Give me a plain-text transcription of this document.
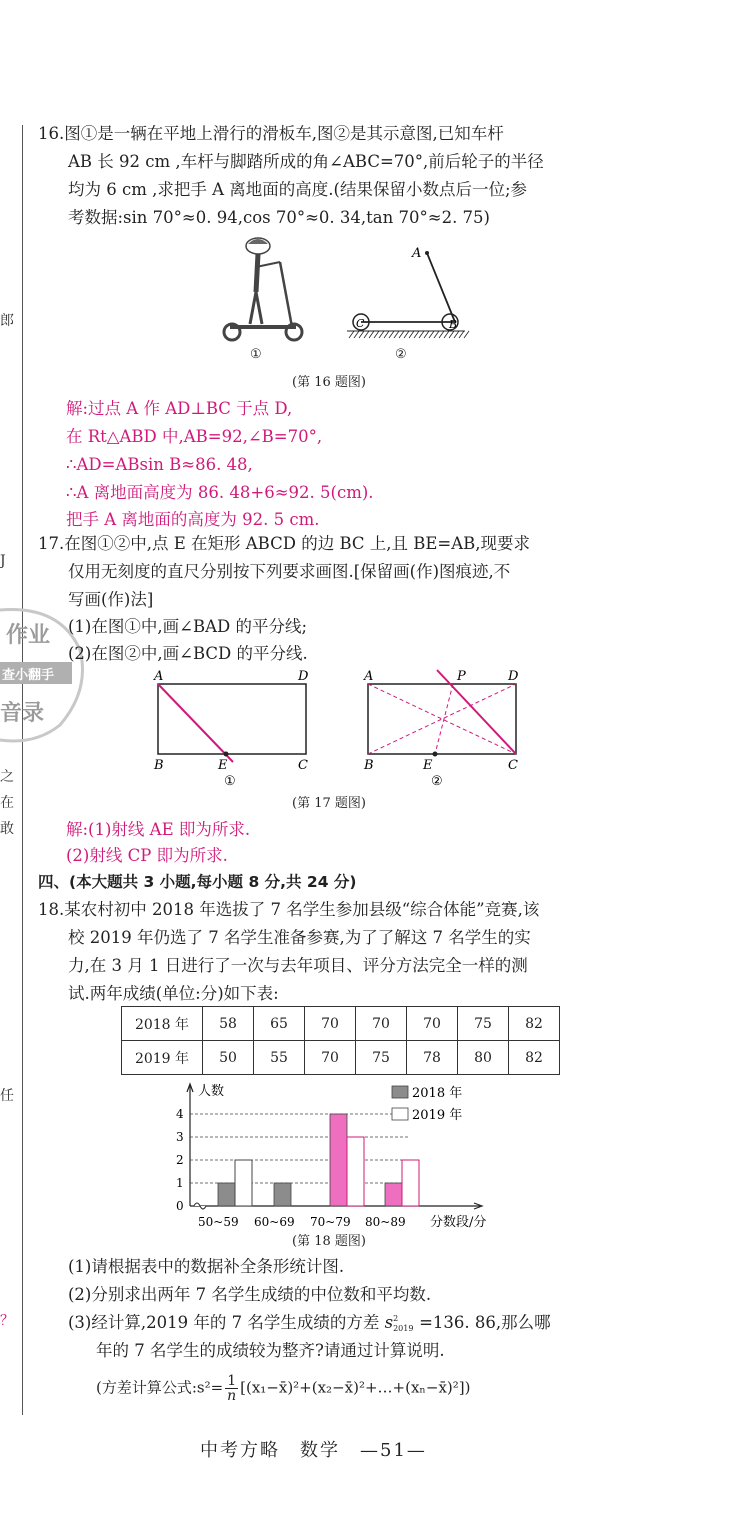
郎
J
之
在
敢
任
？
作业
查小翻手
音录
16.图①是一辆在平地上滑行的滑板车,图②是其示意图,已知车杆
AB 长 92 cm ,车杆与脚踏所成的角∠ABC=70°,前后轮子的半径
均为 6 cm ,求把手 A 离地面的高度.(结果保留小数点后一位;参
考数据:sin 70°≈0. 94,cos 70°≈0. 34,tan 70°≈2. 75)
①
A
C	B
②
(第 16 题图)
解:过点 A 作 AD⊥BC 于点 D,
在 Rt△ABD 中,AB=92,∠B=70°,
∴AD=ABsin B≈86. 48,
∴A 离地面高度为 86. 48+6≈92. 5(cm).
把手 A 离地面的高度为 92. 5 cm.
17.在图①②中,点 E 在矩形 ABCD 的边 BC 上,且 BE=AB,现要求
仅用无刻度的直尺分别按下列要求画图.[保留画(作)图痕迹,不
写画(作)法]
(1)在图①中,画∠BAD 的平分线;
(2)在图②中,画∠BCD 的平分线.
A	D
B	E	C
①
A	P	D
B	E	C
②
(第 17 题图)
解:(1)射线 AE 即为所求.
(2)射线 CP 即为所求.
四、(本大题共 3 小题,每小题 8 分,共 24 分)
18.某农村初中 2018 年选拔了 7 名学生参加县级“综合体能”竞赛,该
校 2019 年仍选了 7 名学生准备参赛,为了了解这 7 名学生的实
力,在 3 月 1 日进行了一次与去年项目、评分方法完全一样的测
试.两年成绩(单位:分)如下表:
2018 年	58	65	70	70	70	75	82
2019 年	50	55	70	75	78	80	82
0
1
2
3
4
人数
分数段/分
50~59 60~69 70~79 80~89
2018 年
2019 年
(第 18 题图)
(1)请根据表中的数据补全条形统计图.
(2)分别求出两年 7 名学生成绩的中位数和平均数.
(3)经计算,2019 年的 7 名学生成绩的方差 s 2
2019 =136. 86,那么哪
年的 7 名学生的成绩较为整齐?请通过计算说明.
(方差计算公式:s²= $\frac{1}{n}$ [(x₁−x̄)²+(x₂−x̄)²+…+(xₙ−x̄)²])
中考方略　数学　—51—
